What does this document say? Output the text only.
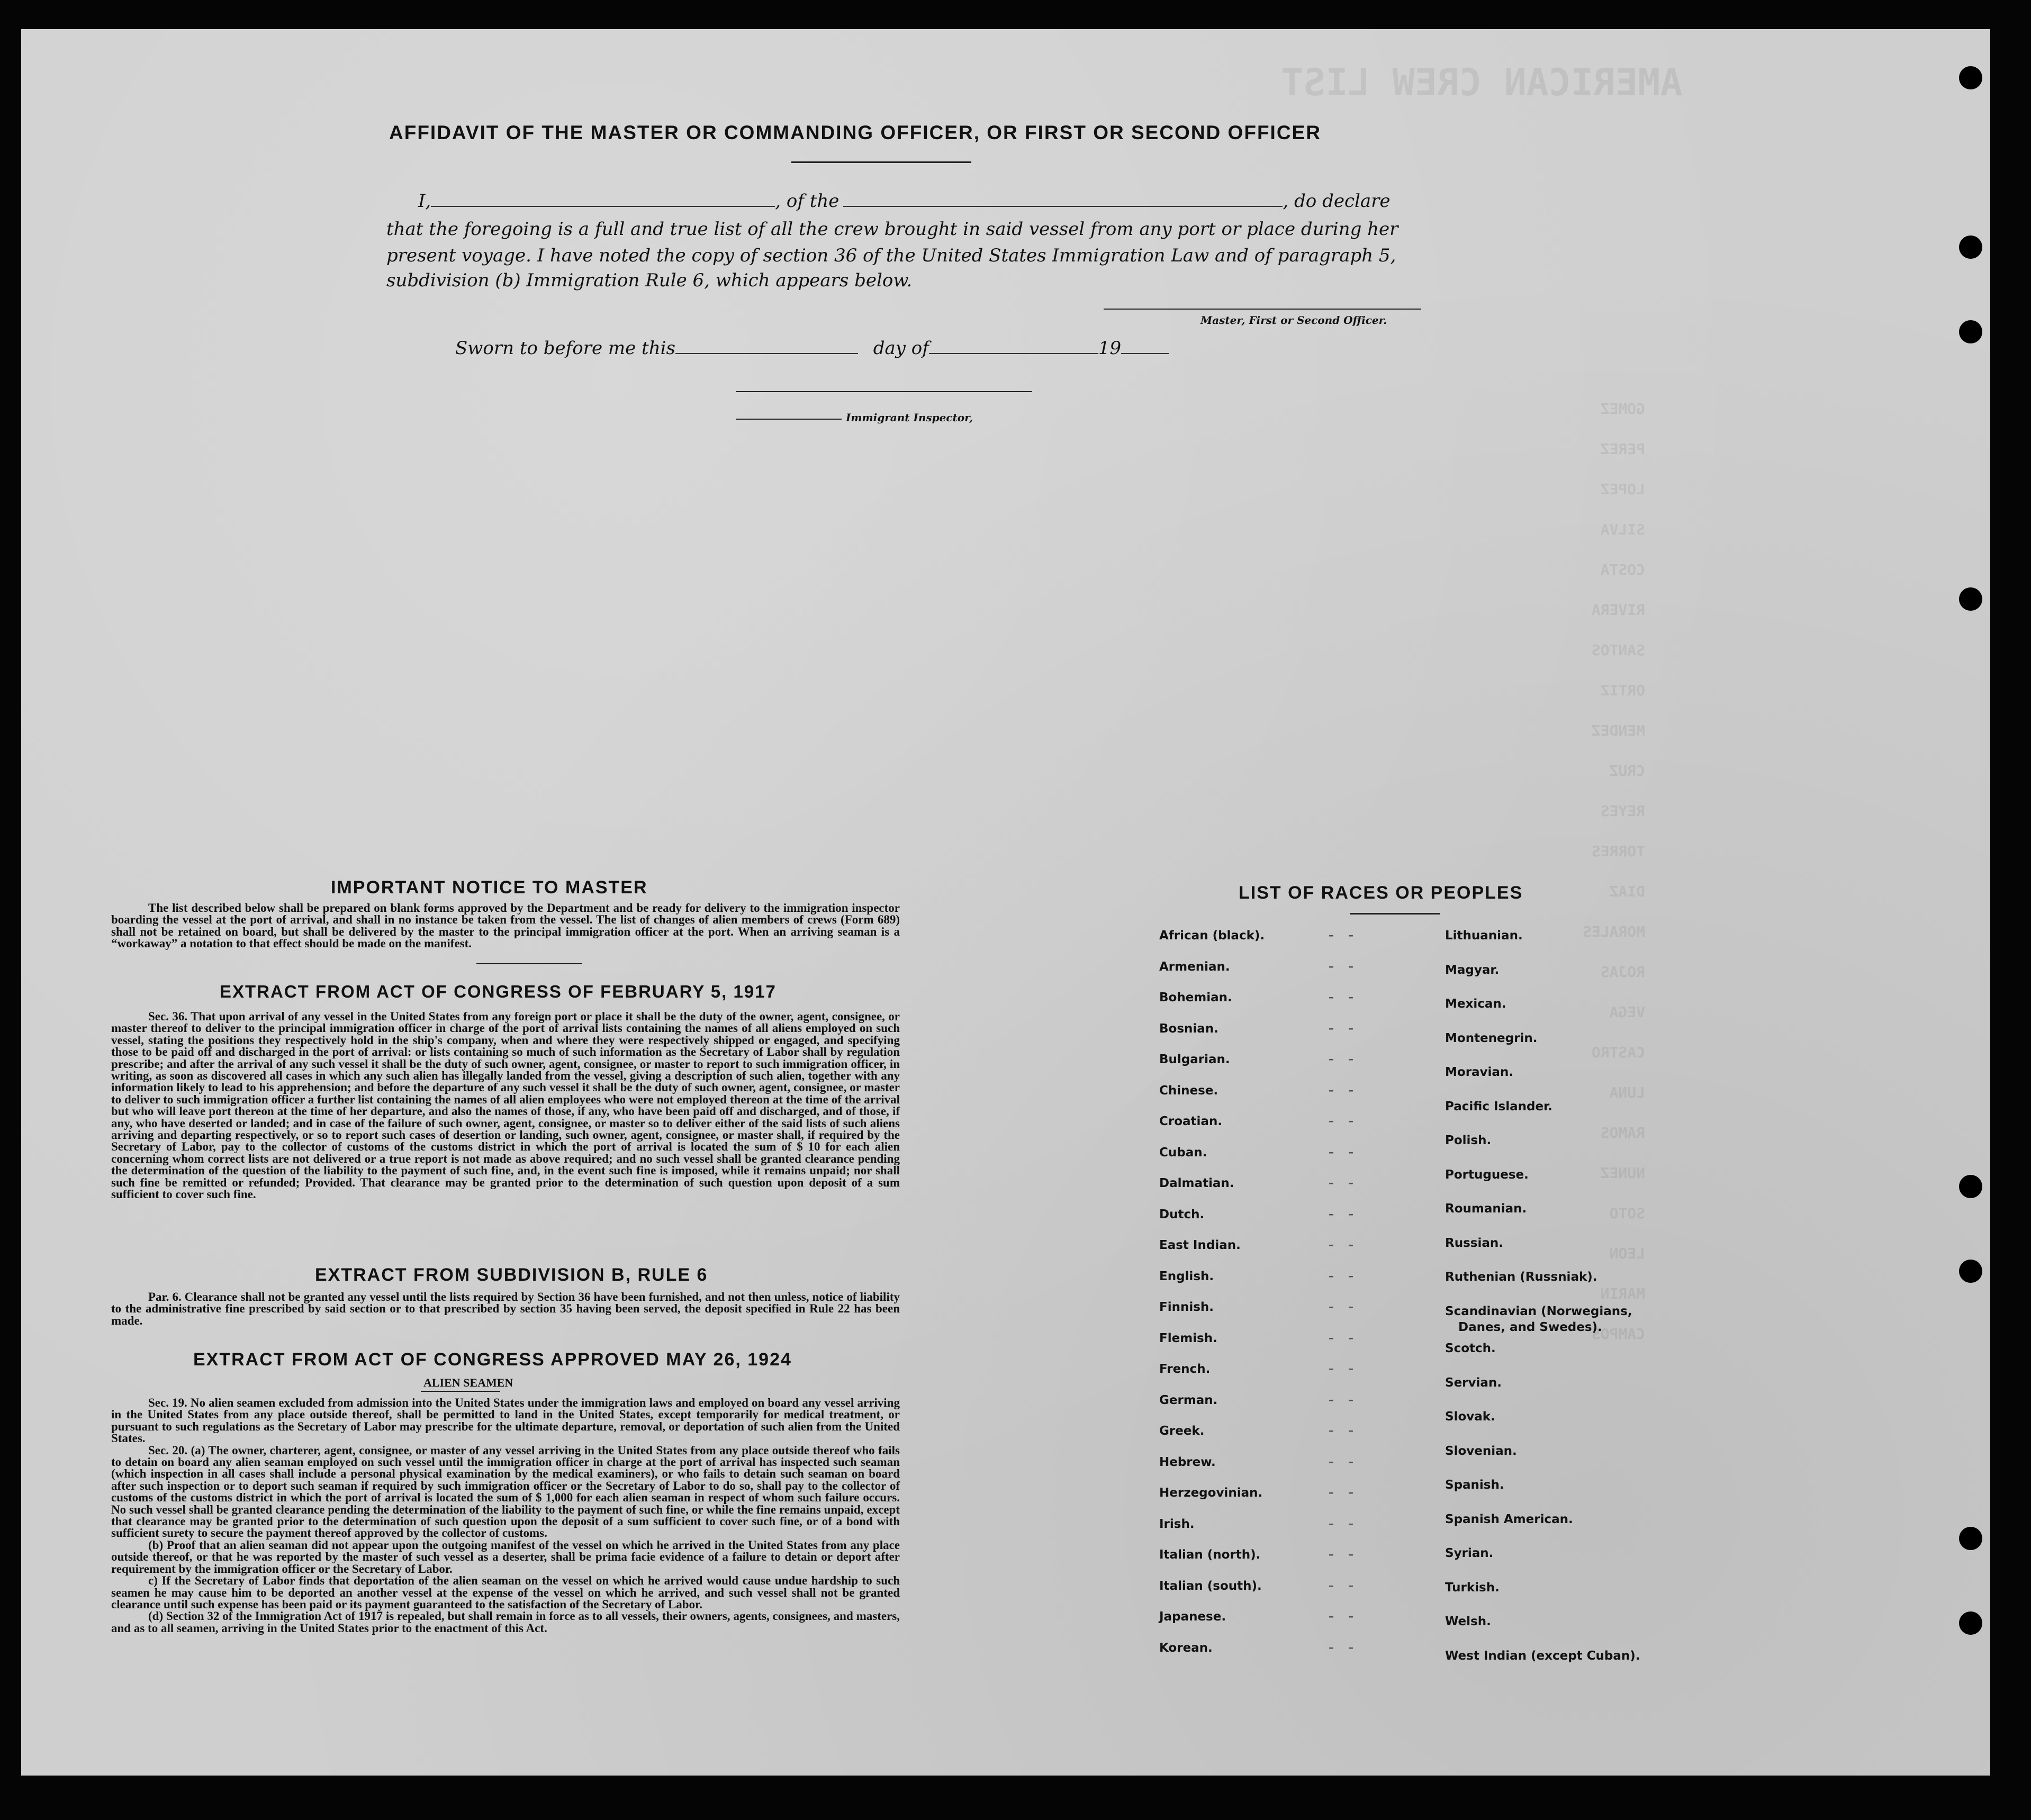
AMERICAN CREW LIST
GOMEZ
PEREZ
LOPEZ
SILVA
COSTA
RIVERA
SANTOS
ORTIZ
MENDEZ
CRUZ
REYES
TORRES
DIAZ
MORALES
ROJAS
VEGA
CASTRO
LUNA
RAMOS
NUNEZ
SOTO
LEON
MARIN
CAMPOS
AFFIDAVIT OF THE MASTER OR COMMANDING OFFICER, OR FIRST OR SECOND OFFICER
I,	, of the	, do declare
that the foregoing is a full and true list of all the crew brought in said vessel from any port or place during her
present voyage. I have noted the copy of section 36 of the United States Immigration Law and of paragraph 5,
subdivision (b) Immigration Rule 6, which appears below.
Master, First or Second Officer.
Sworn to before me this	day of	19
Immigrant Inspector,
IMPORTANT NOTICE TO MASTER
The list described below shall be prepared on blank forms approved by the Department and be ready for delivery to the immigration inspector boarding the vessel at the port of arrival, and shall in no instance be taken from the vessel. The list of changes of alien members of crews (Form 689) shall not be retained on board, but shall be delivered by the master to the principal immigration officer at the port. When an arriving seaman is a “workaway” a notation to that effect should be made on the manifest.
EXTRACT FROM ACT OF CONGRESS OF FEBRUARY 5, 1917
Sec. 36. That upon arrival of any vessel in the United States from any foreign port or place it shall be the duty of the owner, agent, consignee, or master thereof to deliver to the principal immigration officer in charge of the port of arrival lists containing the names of all aliens employed on such vessel, stating the positions they respectively hold in the ship's company, when and where they were respectively shipped or engaged, and specifying those to be paid off and discharged in the port of arrival: or lists containing so much of such information as the Secretary of Labor shall by regulation prescribe; and after the arrival of any such vessel it shall be the duty of such owner, agent, consignee, or master to report to such immigration officer, in writing, as soon as discovered all cases in which any such alien has illegally landed from the vessel, giving a description of such alien, together with any information likely to lead to his apprehension; and before the departure of any such vessel it shall be the duty of such owner, agent, consignee, or master to deliver to such immigration officer a further list containing the names of all alien employees who were not employed thereon at the time of the arrival but who will leave port thereon at the time of her departure, and also the names of those, if any, who have been paid off and discharged, and of those, if any, who have deserted or landed; and in case of the failure of such owner, agent, consignee, or master so to deliver either of the said lists of such aliens arriving and departing respectively, or so to report such cases of desertion or landing, such owner, agent, consignee, or master shall, if required by the Secretary of Labor, pay to the collector of customs of the customs district in which the port of arrival is located the sum of $ 10 for each alien concerning whom correct lists are not delivered or a true report is not made as above required; and no such vessel shall be granted clearance pending the determination of the question of the liability to the payment of such fine, and, in the event such fine is imposed, while it remains unpaid; nor shall such fine be remitted or refunded; Provided. That clearance may be granted prior to the determination of such question upon deposit of a sum sufficient to cover such fine.
EXTRACT FROM SUBDIVISION B, RULE 6
Par. 6. Clearance shall not be granted any vessel until the lists required by Section 36 have been furnished, and not then unless, notice of liability to the administrative fine prescribed by said section or to that prescribed by section 35 having been served, the deposit specified in Rule 22 has been made.
EXTRACT FROM ACT OF CONGRESS APPROVED MAY 26, 1924
ALIEN SEAMEN
Sec. 19. No alien seamen excluded from admission into the United States under the immigration laws and employed on board any vessel arriving in the United States from any place outside thereof, shall be permitted to land in the United States, except temporarily for medical treatment, or pursuant to such regulations as the Secretary of Labor may prescribe for the ultimate departure, removal, or deportation of such alien from the United States.
Sec. 20. (a) The owner, charterer, agent, consignee, or master of any vessel arriving in the United States from any place outside thereof who fails to detain on board any alien seaman employed on such vessel until the immigration officer in charge at the port of arrival has inspected such seaman (which inspection in all cases shall include a personal physical examination by the medical examiners), or who fails to detain such seaman on board after such inspection or to deport such seaman if required by such immigration officer or the Secretary of Labor to do so, shall pay to the collector of customs of the customs district in which the port of arrival is located the sum of $ 1,000 for each alien seaman in respect of whom such failure occurs. No such vessel shall be granted clearance pending the determination of the liability to the payment of such fine, or while the fine remains unpaid, except that clearance may be granted prior to the determination of such question upon the deposit of a sum sufficient to cover such fine, or of a bond with sufficient surety to secure the payment thereof approved by the collector of customs.
(b) Proof that an alien seaman did not appear upon the outgoing manifest of the vessel on which he arrived in the United States from any place outside thereof, or that he was reported by the master of such vessel as a deserter, shall be prima facie evidence of a failure to detain or deport after requirement by the immigration officer or the Secretary of Labor.
c) If the Secretary of Labor finds that deportation of the alien seaman on the vessel on which he arrived would cause undue hardship to such seamen he may cause him to be deported an another vessel at the expense of the vessel on which he arrived, and such vessel shall not be granted clearance until such expense has been paid or its payment guaranteed to the satisfaction of the Secretary of Labor.
(d) Section 32 of the Immigration Act of 1917 is repealed, but shall remain in force as to all vessels, their owners, agents, consignees, and masters, and as to all seamen, arriving in the United States prior to the enactment of this Act.
LIST OF RACES OR PEOPLES
African (black).	– –
Armenian.	– –
Bohemian.	– –
Bosnian.	– –
Bulgarian.	– –
Chinese.	– –
Croatian.	– –
Cuban.	– –
Dalmatian.	– –
Dutch.	– –
East Indian.	– –
English.	– –
Finnish.	– –
Flemish.	– –
French.	– –
German.	– –
Greek.	– –
Hebrew.	– –
Herzegovinian.	– –
Irish.	– –
Italian (north).	– –
Italian (south).	– –
Japanese.	– –
Korean.	– –
Lithuanian.
Magyar.
Mexican.
Montenegrin.
Moravian.
Pacific Islander.
Polish.
Portuguese.
Roumanian.
Russian.
Ruthenian (Russniak).
Scandinavian (Norwegians,
Danes, and Swedes).
Scotch.
Servian.
Slovak.
Slovenian.
Spanish.
Spanish American.
Syrian.
Turkish.
Welsh.
West Indian (except Cuban).
